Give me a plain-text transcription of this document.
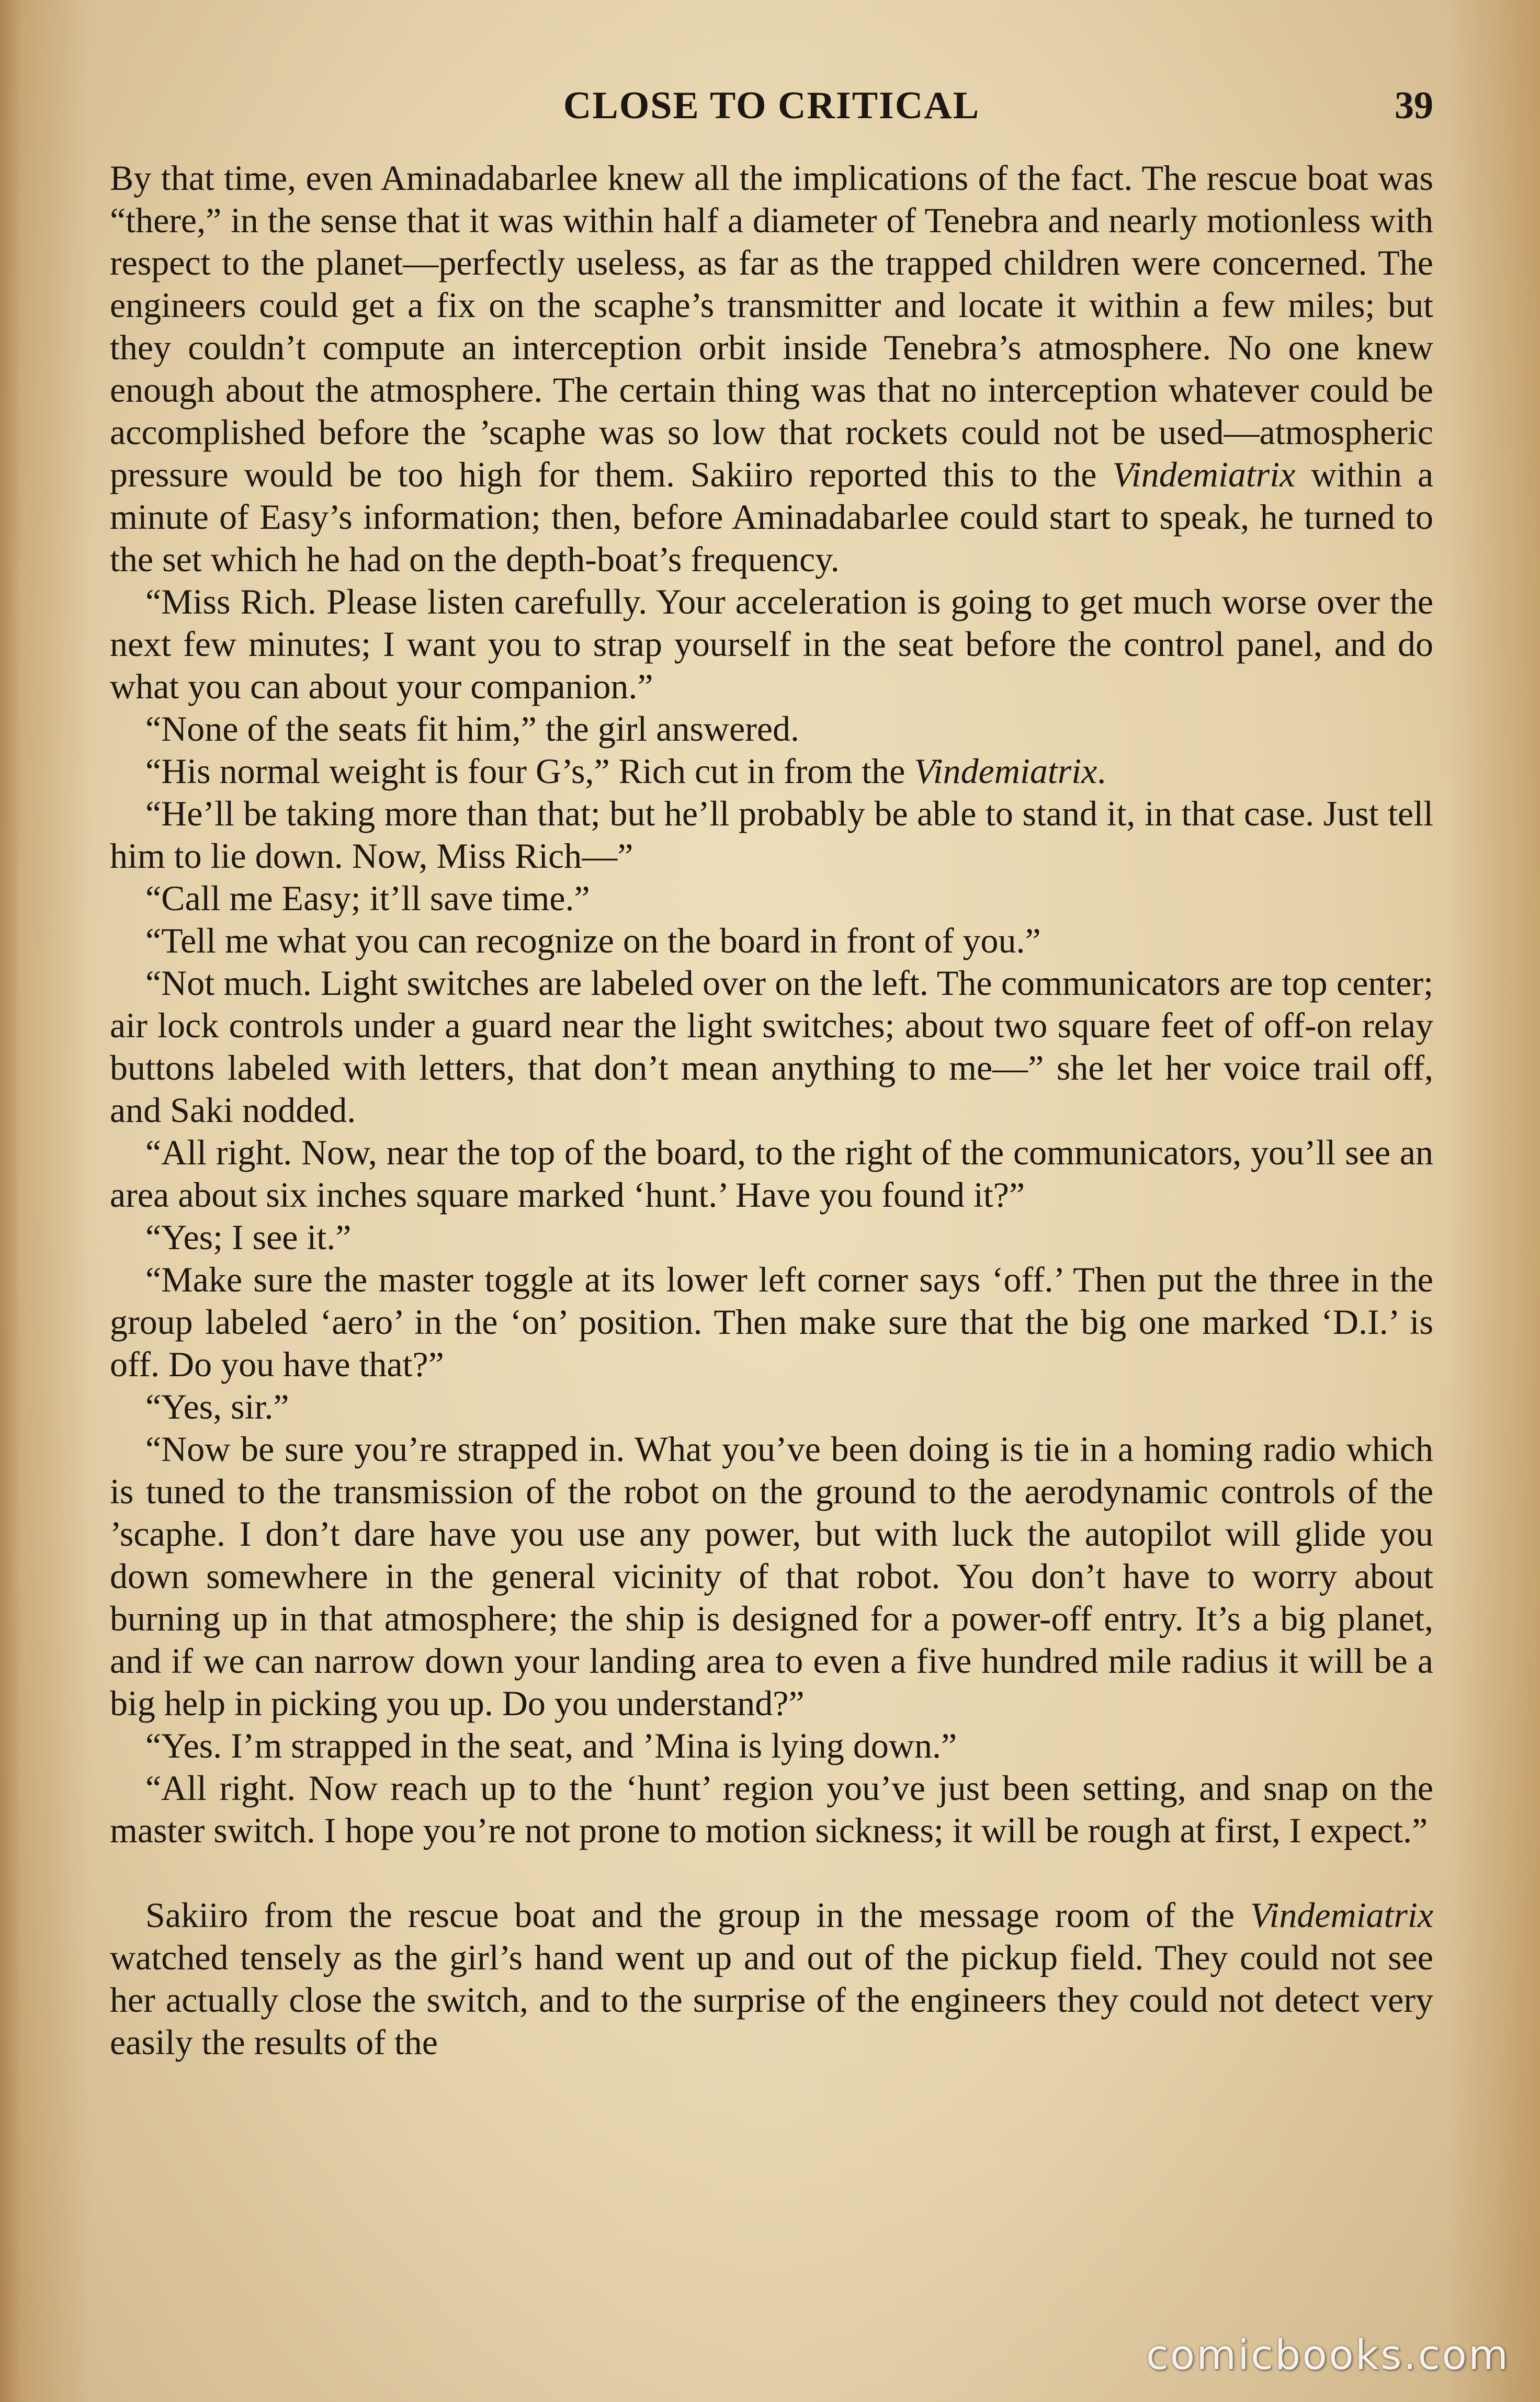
CLOSE TO CRITICAL	39

By that time, even Aminadabarlee knew all the implications of the fact. The rescue boat was “there,” in the sense that it was within half a diameter of Tenebra and nearly motionless with respect to the planet—perfectly useless, as far as the trapped children were concerned. The engineers could get a fix on the scaphe’s transmitter and locate it within a few miles; but they couldn’t compute an interception orbit inside Tenebra’s atmosphere. No one knew enough about the atmosphere. The certain thing was that no interception whatever could be accomplished before the ’scaphe was so low that rockets could not be used—atmospheric pressure would be too high for them. Sakiiro reported this to the Vindemiatrix within a minute of Easy’s information; then, before Aminadabarlee could start to speak, he turned to the set which he had on the depth-boat’s frequency.

“Miss Rich. Please listen carefully. Your acceleration is going to get much worse over the next few minutes; I want you to strap yourself in the seat before the control panel, and do what you can about your companion.”

“None of the seats fit him,” the girl answered.

“His normal weight is four G’s,” Rich cut in from the Vindemiatrix.

“He’ll be taking more than that; but he’ll probably be able to stand it, in that case. Just tell him to lie down. Now, Miss Rich—”

“Call me Easy; it’ll save time.”

“Tell me what you can recognize on the board in front of you.”

“Not much. Light switches are labeled over on the left. The communicators are top center; air lock controls under a guard near the light switches; about two square feet of off-on relay buttons labeled with letters, that don’t mean anything to me—” she let her voice trail off, and Saki nodded.

“All right. Now, near the top of the board, to the right of the communicators, you’ll see an area about six inches square marked ‘hunt.’ Have you found it?”

“Yes; I see it.”

“Make sure the master toggle at its lower left corner says ‘off.’ Then put the three in the group labeled ‘aero’ in the ‘on’ position. Then make sure that the big one marked ‘D.I.’ is off. Do you have that?”

“Yes, sir.”

“Now be sure you’re strapped in. What you’ve been doing is tie in a homing radio which is tuned to the transmission of the robot on the ground to the aerodynamic controls of the ’scaphe. I don’t dare have you use any power, but with luck the autopilot will glide you down somewhere in the general vicinity of that robot. You don’t have to worry about burning up in that atmosphere; the ship is designed for a power-off entry. It’s a big planet, and if we can narrow down your landing area to even a five hundred mile radius it will be a big help in picking you up. Do you understand?”

“Yes. I’m strapped in the seat, and ’Mina is lying down.”

“All right. Now reach up to the ‘hunt’ region you’ve just been setting, and snap on the master switch. I hope you’re not prone to motion sickness; it will be rough at first, I expect.”

Sakiiro from the rescue boat and the group in the message room of the Vindemiatrix watched tensely as the girl’s hand went up and out of the pickup field. They could not see her actually close the switch, and to the surprise of the engineers they could not detect very easily the results of the

comicbooks.com
